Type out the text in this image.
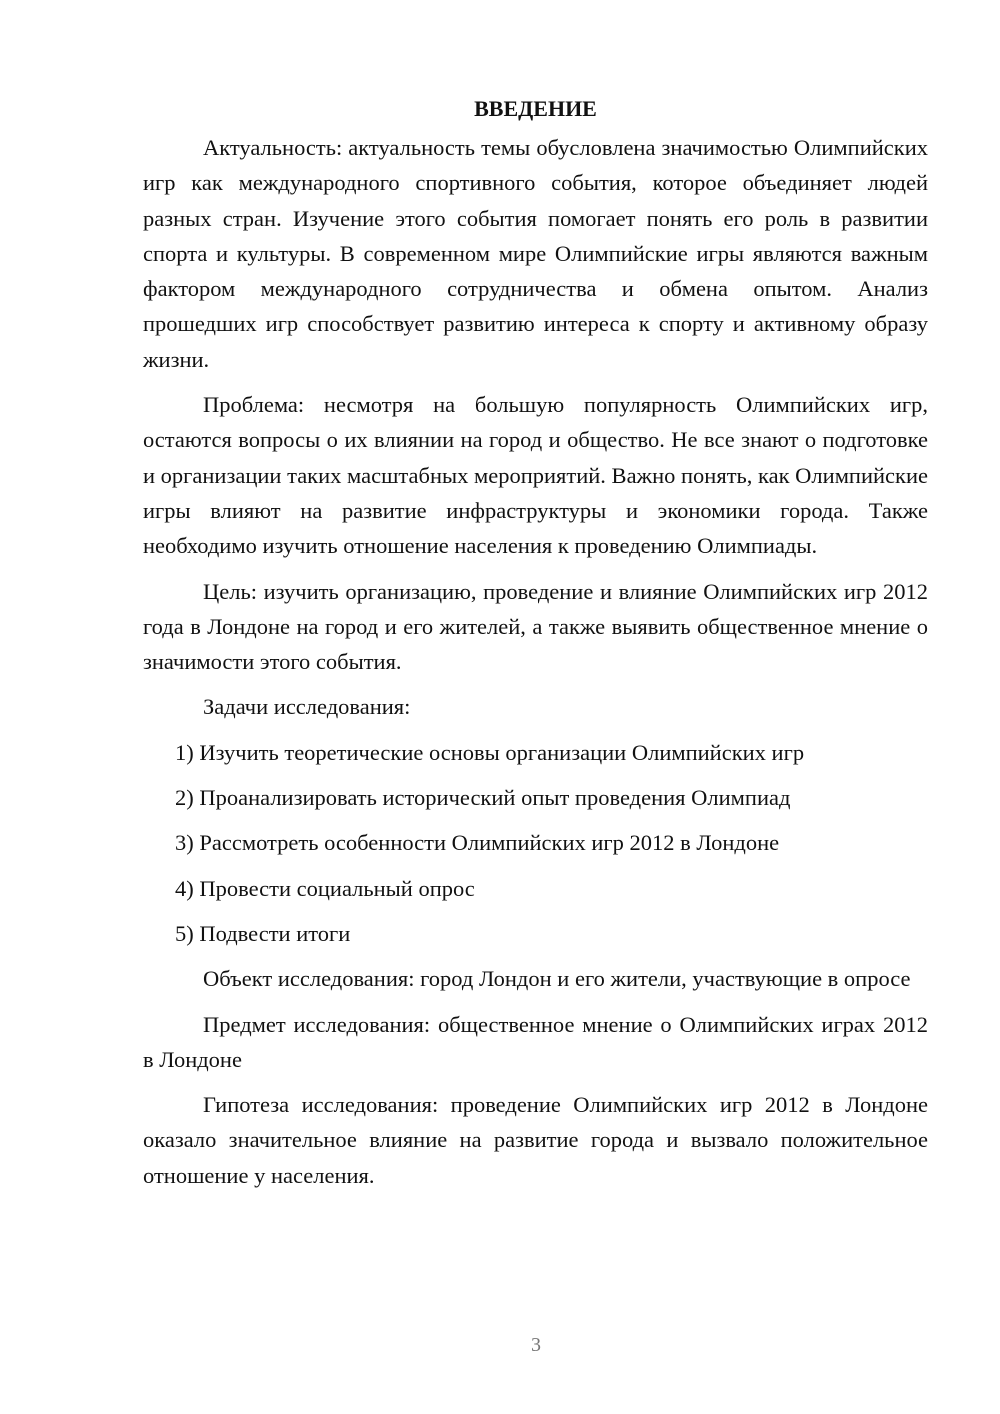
ВВЕДЕНИЕ

Актуальность: актуальность темы обусловлена значимостью Олимпийских игр как международного спортивного события, которое объединяет людей разных стран. Изучение этого события помогает понять его роль в развитии спорта и культуры. В современном мире Олимпийские игры являются важным фактором международного сотрудничества и обмена опытом. Анализ прошедших игр способствует развитию интереса к спорту и активному образу жизни.

Проблема: несмотря на большую популярность Олимпийских игр, остаются вопросы о их влиянии на город и общество. Не все знают о подготовке и организации таких масштабных мероприятий. Важно понять, как Олимпийские игры влияют на развитие инфраструктуры и экономики города. Также необходимо изучить отношение населения к проведению Олимпиады.

Цель: изучить организацию, проведение и влияние Олимпийских игр 2012 года в Лондоне на город и его жителей, а также выявить общественное мнение о значимости этого события.

Задачи исследования:

1) Изучить теоретические основы организации Олимпийских игр

2) Проанализировать исторический опыт проведения Олимпиад

3) Рассмотреть особенности Олимпийских игр 2012 в Лондоне

4) Провести социальный опрос

5) Подвести итоги

Объект исследования: город Лондон и его жители, участвующие в опросе

Предмет исследования: общественное мнение о Олимпийских играх 2012 в Лондоне

Гипотеза исследования: проведение Олимпийских игр 2012 в Лондоне оказало значительное влияние на развитие города и вызвало положительное отношение у населения.

3
